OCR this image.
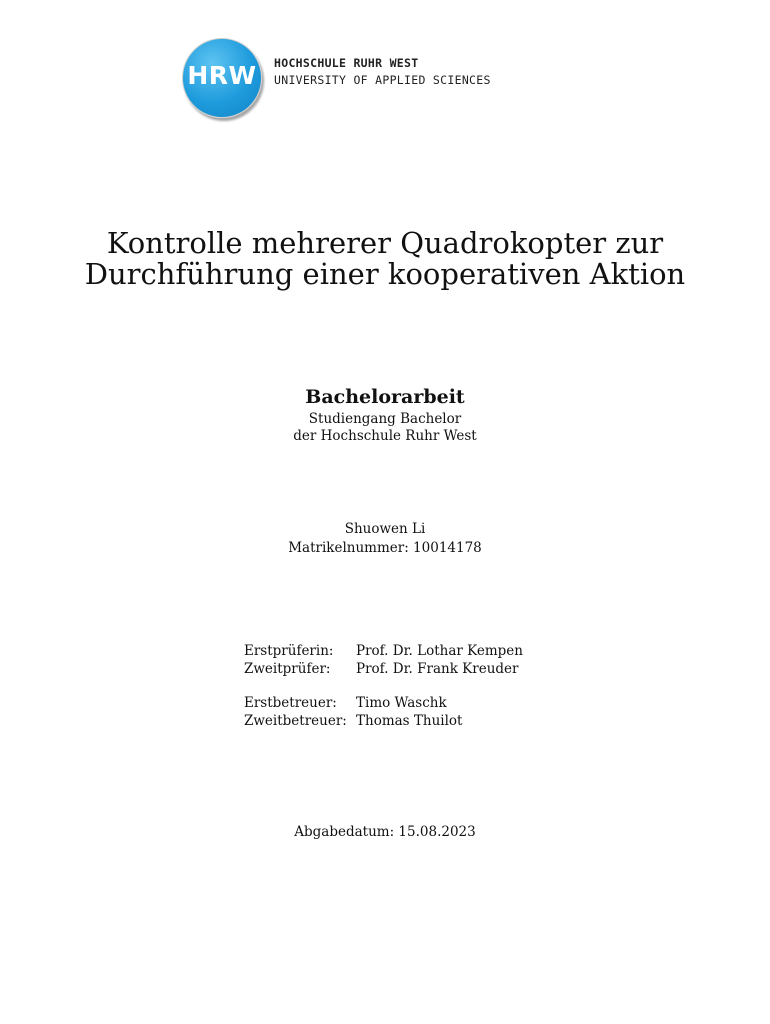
HRW	HOCHSCHULE RUHR WEST
UNIVERSITY OF APPLIED SCIENCES
Kontrolle mehrerer Quadrokopter zur Durchführung einer kooperativen Aktion
Bachelorarbeit
Studiengang Bachelor
der Hochschule Ruhr West
Shuowen Li
Matrikelnummer: 10014178
Erstprüferin:	Prof. Dr. Lothar Kempen
Zweitprüfer:	Prof. Dr. Frank Kreuder
Erstbetreuer:	Timo Waschk
Zweitbetreuer: Thomas Thuilot
Abgabedatum: 15.08.2023
